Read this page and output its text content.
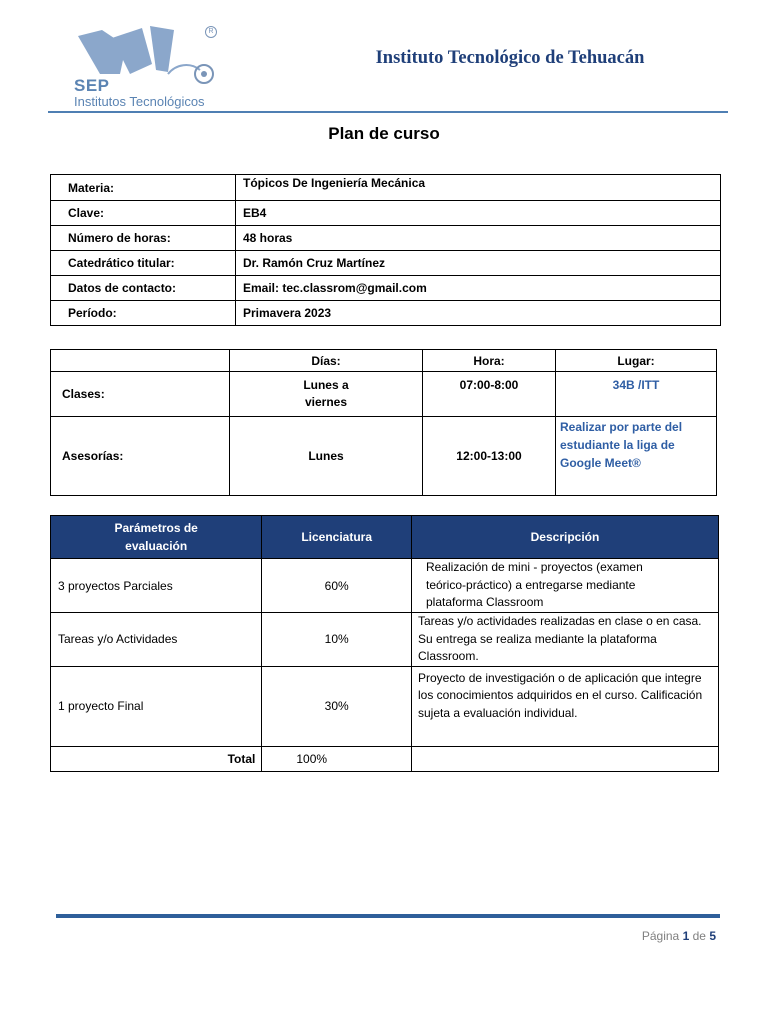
R
SEP
Institutos Tecnológicos
Instituto Tecnológico de Tehuacán
Plan de curso
Materia:	Tópicos De Ingeniería Mecánica
Clave:	EB4
Número de horas:	48 horas
Catedrático titular:	Dr. Ramón Cruz Martínez
Datos de contacto:	Email: tec.classrom@gmail.com
Período:	Primavera 2023
	Días:	Hora:	Lugar:
Clases:	Lunes a viernes	07:00-8:00	34B /ITT
Asesorías:	Lunes	12:00-13:00	Realizar por parte del estudiante la liga de Google Meet®
Parámetros de evaluación	Licenciatura	Descripción
3 proyectos Parciales	60%	Realización de mini - proyectos (examen teórico-práctico) a entregarse mediante plataforma Classroom

Tareas y/o Actividades	10%	Tareas y/o actividades realizadas en clase o en casa. Su entrega se realiza mediante la plataforma Classroom.

1 proyecto Final	30%	Proyecto de investigación o de aplicación que integre los conocimientos adquiridos en el curso. Calificación sujeta a evaluación individual.
Total	100%	
Página 1 de 5
